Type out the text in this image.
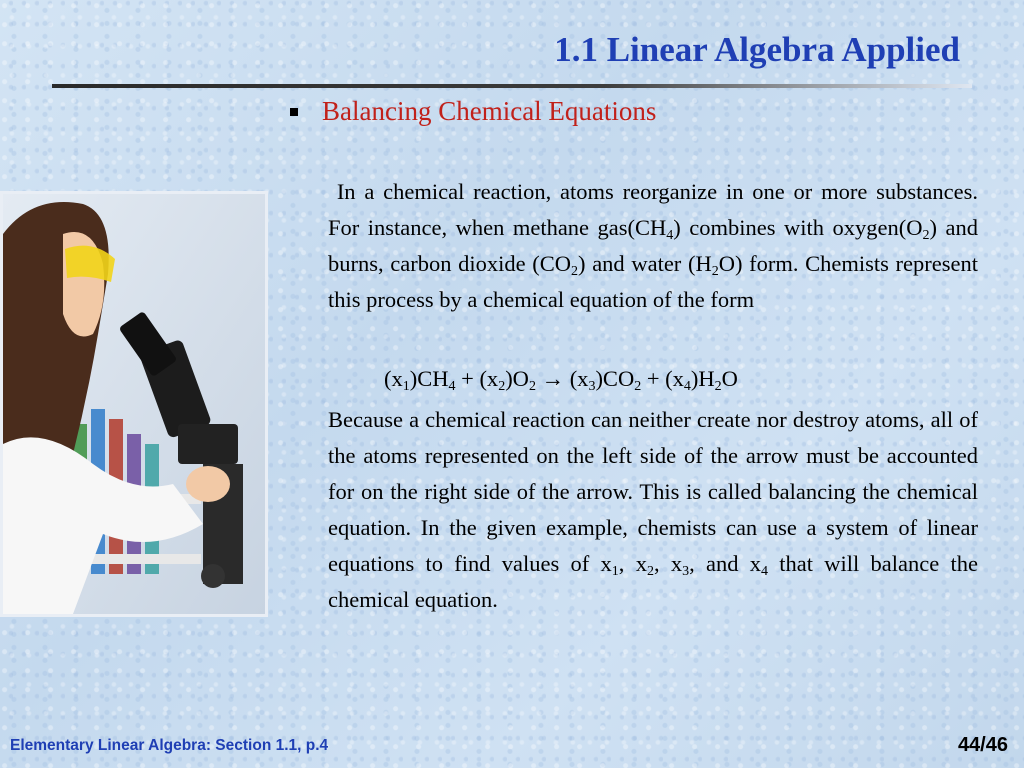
1.1 Linear Algebra Applied
Balancing Chemical Equations
In a chemical reaction, atoms reorganize in one or more substances. For instance, when methane $gas(CH_4)$ combines with $oxygen(O_2)$ and burns, carbon dioxide $(CO_2)$ and water $(H_2O)$ form. Chemists represent this process by a chemical equation of the form
$(x_1)CH_4 + (x_2)O_2 \to (x_3)CO_2 + (x_4)H_2O$
Because a chemical reaction can neither create nor destroy atoms, all of the atoms represented on the left side of the arrow must be accounted for on the right side of the arrow. This is called balancing the chemical equation. In the given example, chemists can use a system of linear equations to find values of $x_1$, $x_2$, $x_3$, and $x_4$ that will balance the chemical equation.
Elementary Linear Algebra: Section 1.1, p.4	44/46
